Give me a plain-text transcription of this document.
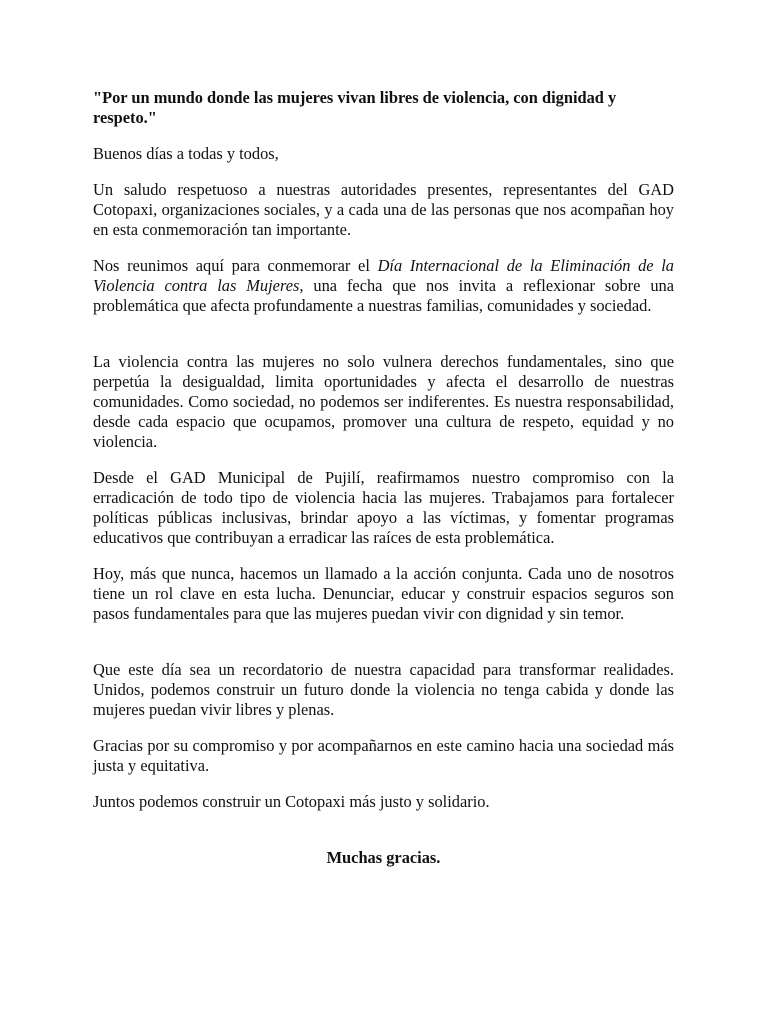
"Por un mundo donde las mujeres vivan libres de violencia, con dignidad y respeto."

Buenos días a todas y todos,

Un saludo respetuoso a nuestras autoridades presentes, representantes del GAD Cotopaxi, organizaciones sociales, y a cada una de las personas que nos acompañan hoy en esta conmemoración tan importante.

Nos reunimos aquí para conmemorar el Día Internacional de la Eliminación de la Violencia contra las Mujeres, una fecha que nos invita a reflexionar sobre una problemática que afecta profundamente a nuestras familias, comunidades y sociedad.

La violencia contra las mujeres no solo vulnera derechos fundamentales, sino que perpetúa la desigualdad, limita oportunidades y afecta el desarrollo de nuestras comunidades. Como sociedad, no podemos ser indiferentes. Es nuestra responsabilidad, desde cada espacio que ocupamos, promover una cultura de respeto, equidad y no violencia.

Desde el GAD Municipal de Pujilí, reafirmamos nuestro compromiso con la erradicación de todo tipo de violencia hacia las mujeres. Trabajamos para fortalecer políticas públicas inclusivas, brindar apoyo a las víctimas, y fomentar programas educativos que contribuyan a erradicar las raíces de esta problemática.

Hoy, más que nunca, hacemos un llamado a la acción conjunta. Cada uno de nosotros tiene un rol clave en esta lucha. Denunciar, educar y construir espacios seguros son pasos fundamentales para que las mujeres puedan vivir con dignidad y sin temor.

Que este día sea un recordatorio de nuestra capacidad para transformar realidades. Unidos, podemos construir un futuro donde la violencia no tenga cabida y donde las mujeres puedan vivir libres y plenas.

Gracias por su compromiso y por acompañarnos en este camino hacia una sociedad más justa y equitativa.

Juntos podemos construir un Cotopaxi más justo y solidario.

Muchas gracias.
